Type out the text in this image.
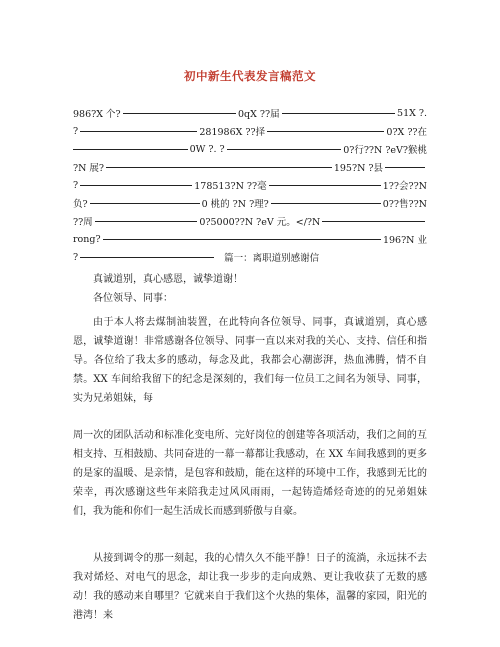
初中新生代表发言稿范文
986?X 个?	0qX ??届	51X ?.
?	281986X ??择	0?X ??在
0W ?. ?	0?行??N ?eV?猴桃
?N 展?	195?N ?县
?	178513?N ??毫	1??会??N
负?	0 桃的 ?N ?理?	0??售??N
??周	0?5000??N ?eV 元。</?N
rong?	196?N 业
?	篇一：离职道别感谢信
真诚道别，真心感恩，诚挚道谢！
各位领导、同事：
由于本人将去煤制油装置，在此特向各位领导、同事，真诚道别，真心感恩，诚挚道谢！非常感谢各位领导、同事一直以来对我的关心、支持、信任和指导。各位给了我太多的感动，每念及此，我都会心潮澎湃，热血沸腾，情不自禁。XX 车间给我留下的纪念是深刻的，我们每一位员工之间名为领导、同事，实为兄弟姐妹，每
周一次的团队活动和标准化变电所、完好岗位的创建等各项活动，我们之间的互相支持、互相鼓励、共同奋进的一幕一幕都让我感动，在 XX 车间我感到的更多的是家的温暖、是亲情，是包容和鼓励，能在这样的环境中工作，我感到无比的荣幸，再次感谢这些年来陪我走过风风雨雨，一起铸造烯烃奇迹的的兄弟姐妹们，我为能和你们一起生活成长而感到骄傲与自豪。
从接到调令的那一刻起，我的心情久久不能平静！日子的流淌，永远抹不去我对烯烃、对电气的思念，却让我一步步的走向成熟、更让我收获了无数的感动！我的感动来自哪里？它就来自于我们这个火热的集体，温馨的家园，阳光的港湾！来
